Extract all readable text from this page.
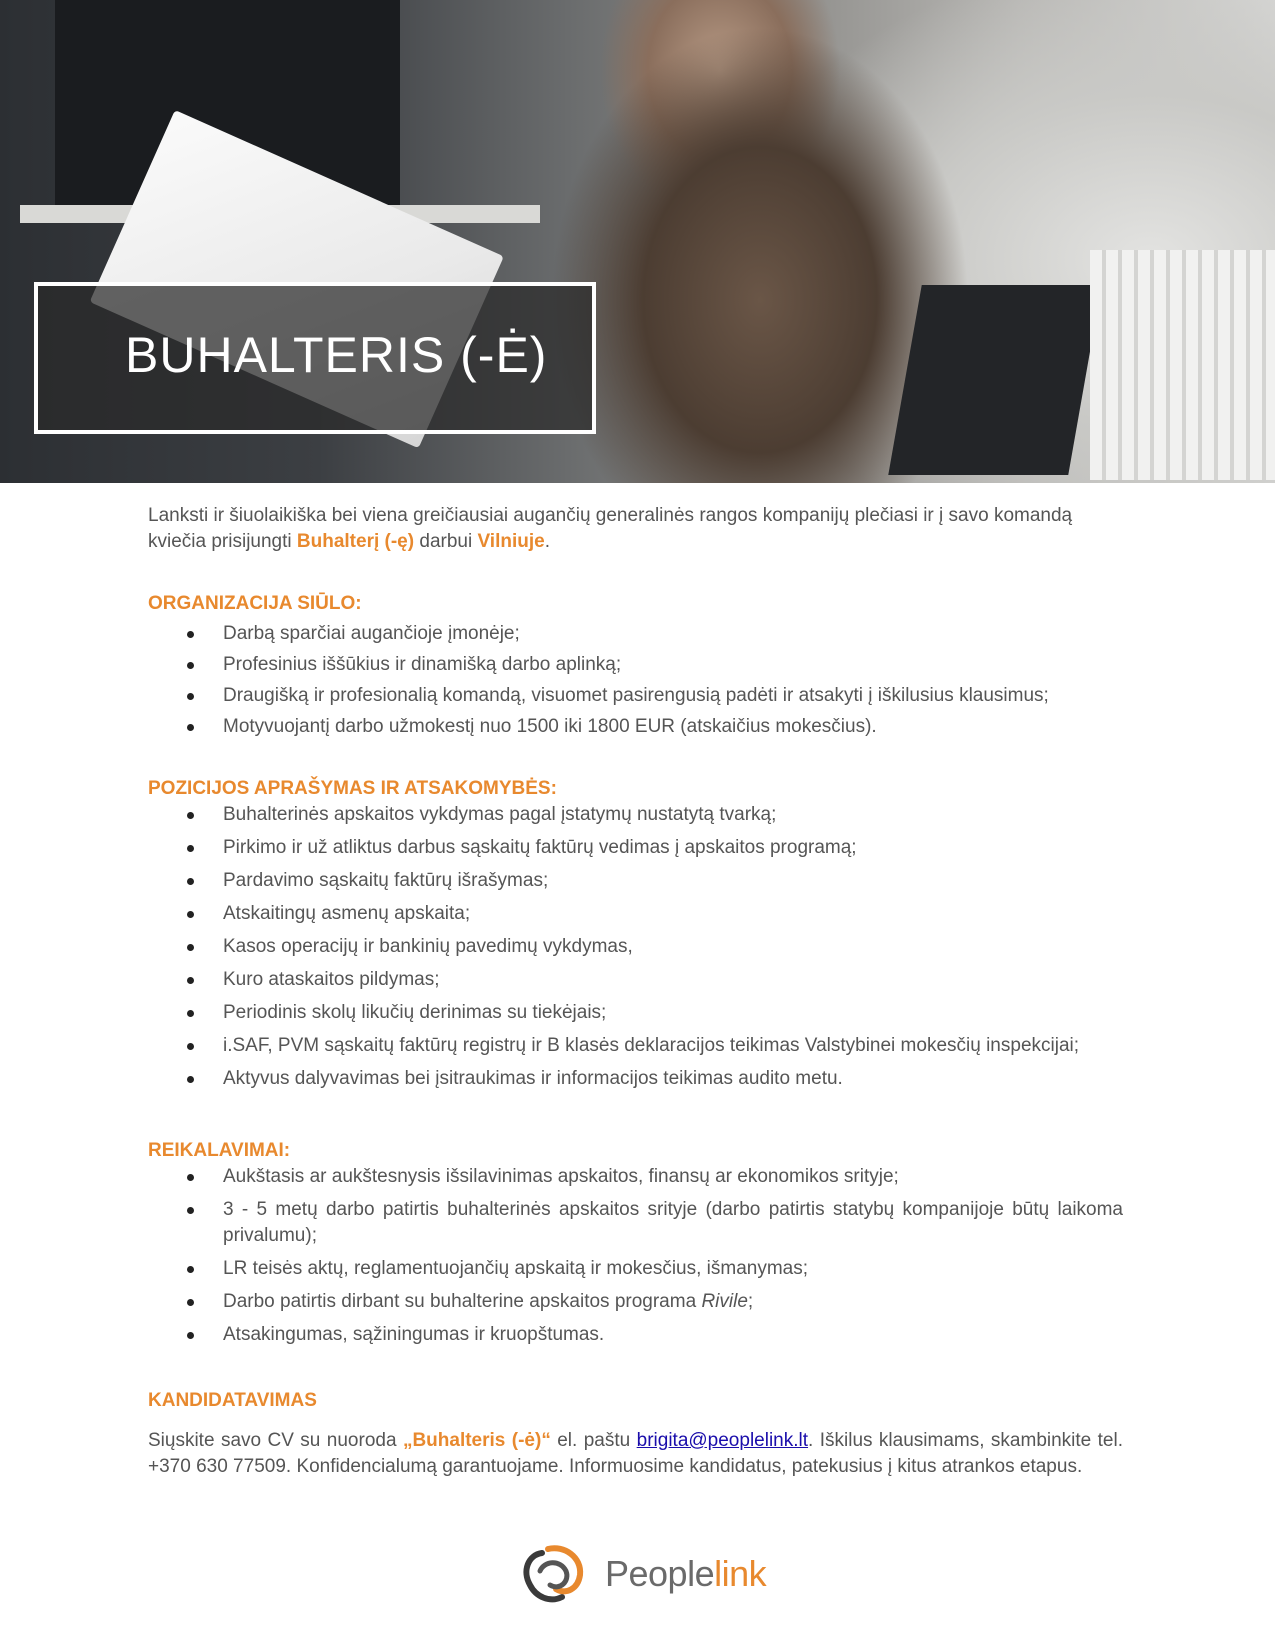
BUHALTERIS (-Ė)

Lanksti ir šiuolaikiška bei viena greičiausiai augančių generalinės rangos kompanijų plečiasi ir į savo komandą kviečia prisijungti Buhalterį (-ę) darbui Vilniuje.

ORGANIZACIJA SIŪLO:

Darbą sparčiai augančioje įmonėje;
Profesinius iššūkius ir dinamišką darbo aplinką;
Draugišką ir profesionalią komandą, visuomet pasirengusią padėti ir atsakyti į iškilusius klausimus;
Motyvuojantį darbo užmokestį nuo 1500 iki 1800 EUR (atskaičius mokesčius).

POZICIJOS APRAŠYMAS IR ATSAKOMYBĖS:

Buhalterinės apskaitos vykdymas pagal įstatymų nustatytą tvarką;
Pirkimo ir už atliktus darbus sąskaitų faktūrų vedimas į apskaitos programą;
Pardavimo sąskaitų faktūrų išrašymas;
Atskaitingų asmenų apskaita;
Kasos operacijų ir bankinių pavedimų vykdymas,
Kuro ataskaitos pildymas;
Periodinis skolų likučių derinimas su tiekėjais;
i.SAF, PVM sąskaitų faktūrų registrų ir B klasės deklaracijos teikimas Valstybinei mokesčių inspekcijai;
Aktyvus dalyvavimas bei įsitraukimas ir informacijos teikimas audito metu.

REIKALAVIMAI:

Aukštasis ar aukštesnysis išsilavinimas apskaitos, finansų ar ekonomikos srityje;
3 - 5 metų darbo patirtis buhalterinės apskaitos srityje (darbo patirtis statybų kompanijoje būtų laikoma privalumu);
LR teisės aktų, reglamentuojančių apskaitą ir mokesčius, išmanymas;
Darbo patirtis dirbant su buhalterine apskaitos programa Rivile;
Atsakingumas, sąžiningumas ir kruopštumas.

KANDIDATAVIMAS

Siųskite savo CV su nuoroda „Buhalteris (-ė)“ el. paštu brigita@peoplelink.lt. Iškilus klausimams, skambinkite tel. +370 630 77509. Konfidencialumą garantuojame. Informuosime kandidatus, patekusius į kitus atrankos etapus.

Peoplelink
